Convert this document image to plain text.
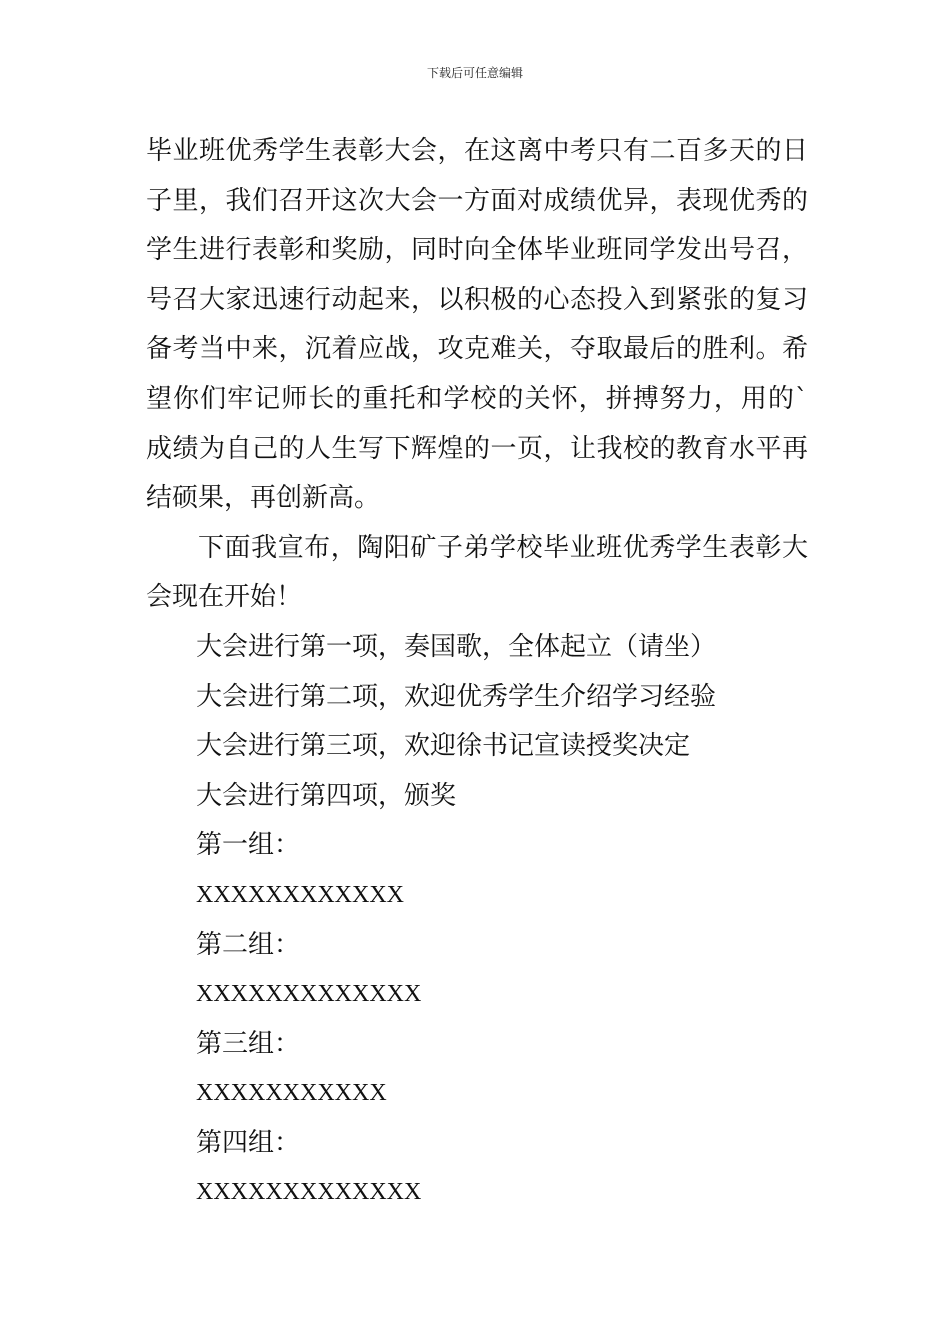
下载后可任意编辑

毕业班优秀学生表彰大会，在这离中考只有二百多天的日子里，我们召开这次大会一方面对成绩优异，表现优秀的学生进行表彰和奖励，同时向全体毕业班同学发出号召，号召大家迅速行动起来，以积极的心态投入到紧张的复习备考当中来，沉着应战，攻克难关，夺取最后的胜利。希望你们牢记师长的重托和学校的关怀，拼搏努力，用的`成绩为自己的人生写下辉煌的一页，让我校的教育水平再结硕果，再创新高。

下面我宣布，陶阳矿子弟学校毕业班优秀学生表彰大会现在开始！

大会进行第一项，奏国歌，全体起立（请坐）

大会进行第二项，欢迎优秀学生介绍学习经验

大会进行第三项，欢迎徐书记宣读授奖决定

大会进行第四项，颁奖

第一组：

XXXXXXXXXXXX

第二组：

XXXXXXXXXXXXX

第三组：

XXXXXXXXXXX

第四组：

XXXXXXXXXXXXX
